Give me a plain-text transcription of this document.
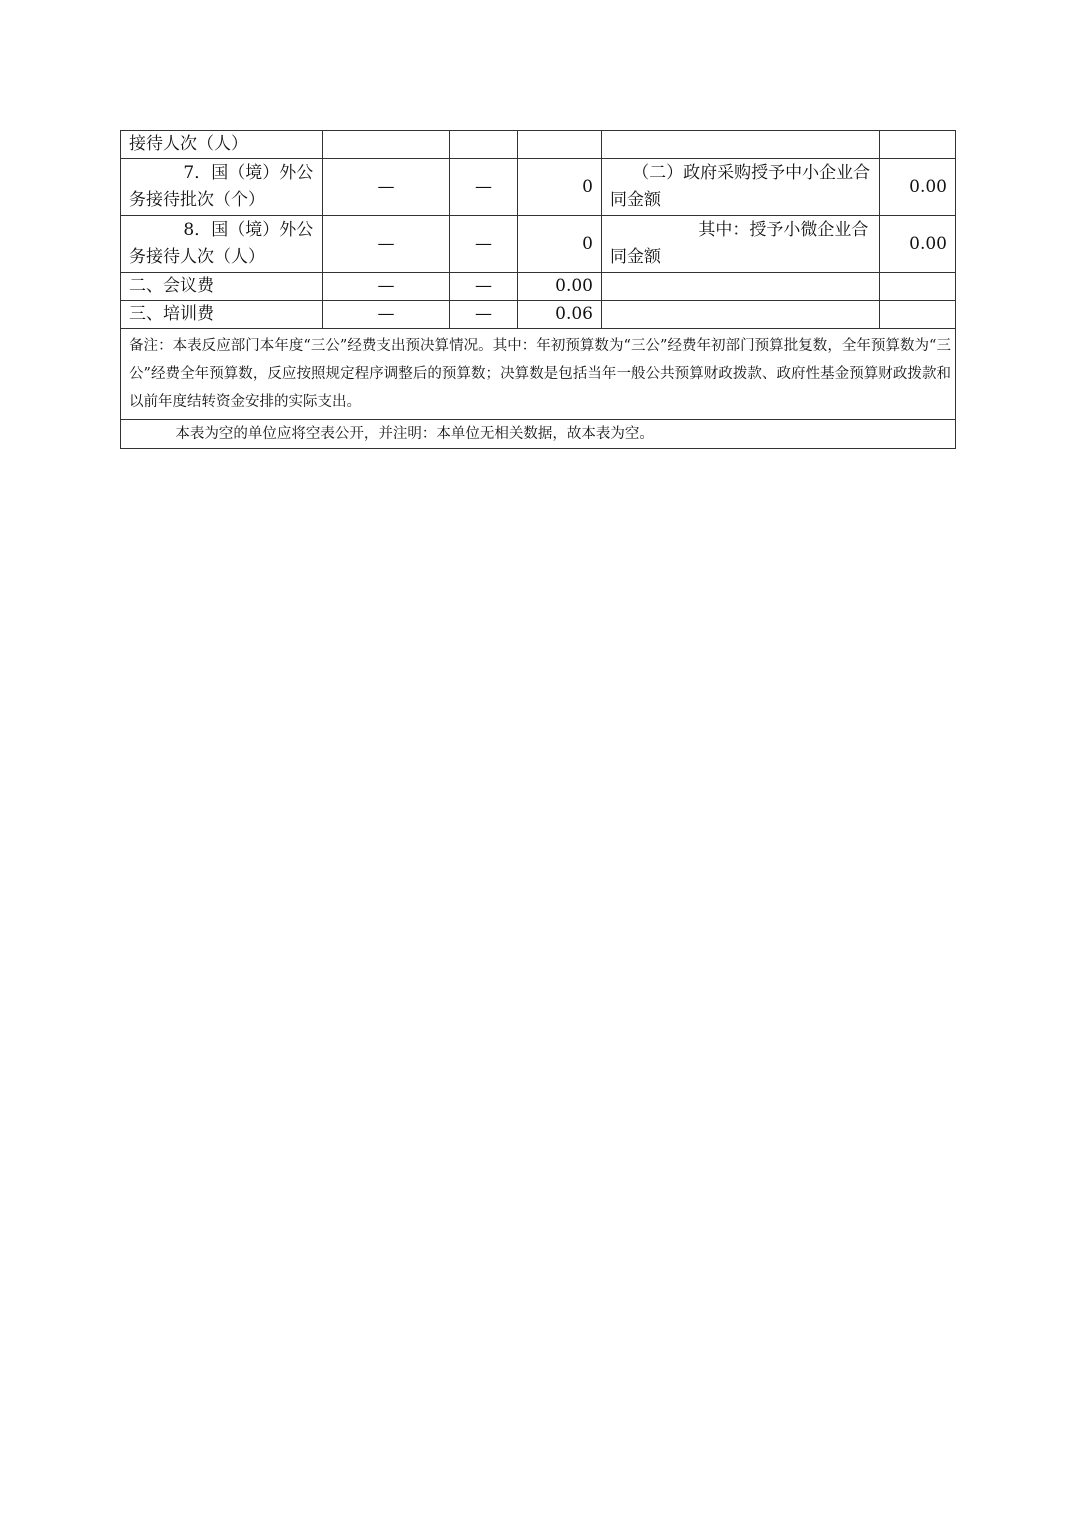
接待人次（人）					
7．国（境）外公务接待批次（个）	—	—	0	（二）政府采购授予中小企业合同金额	0.00
8．国（境）外公务接待人次（人）	—	—	0	其中：授予小微企业合同金额	0.00
二、会议费	—	—	0.00		
三、培训费	—	—	0.06		
备注：本表反应部门本年度“三公”经费支出预决算情况。其中：年初预算数为“三公”经费年初部门预算批复数，全年预算数为“三公”经费全年预算数，反应按照规定程序调整后的预算数；决算数是包括当年一般公共预算财政拨款、政府性基金预算财政拨款和以前年度结转资金安排的实际支出。					
本表为空的单位应将空表公开，并注明：本单位无相关数据，故本表为空。					
